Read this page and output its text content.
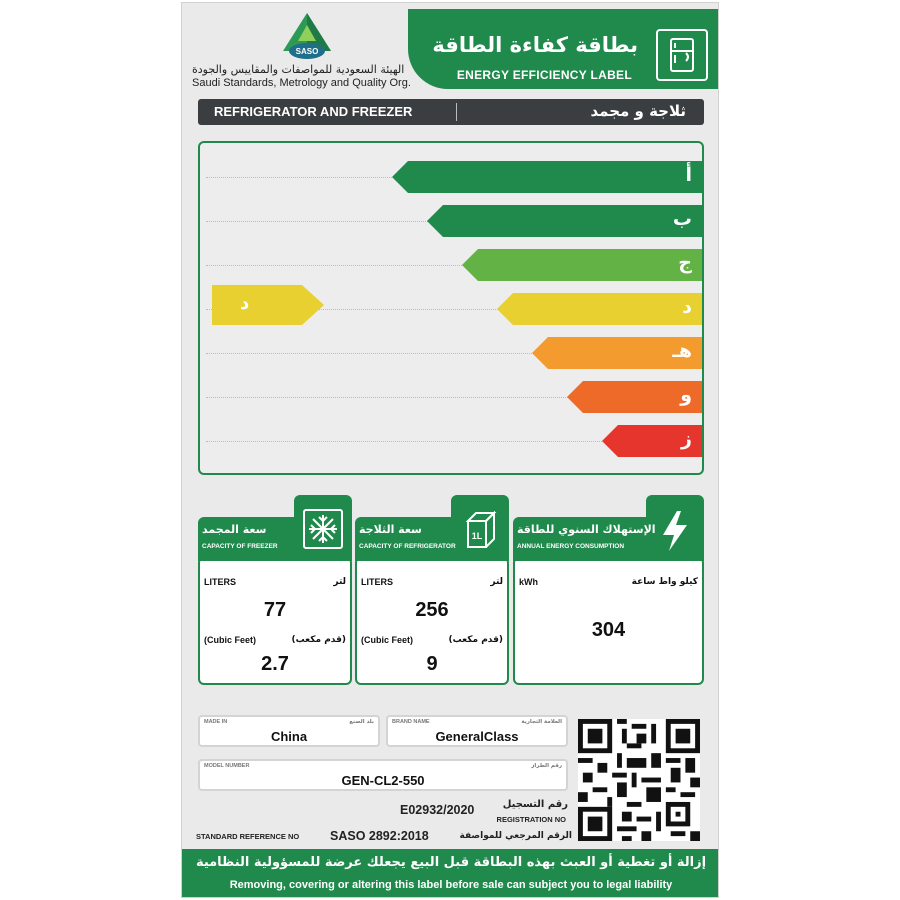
SASO
الهيئة السعودية للمواصفات والمقاييس والجودة
Saudi Standards, Metrology and Quality Org.
بطاقة كفاءة الطاقة
ENERGY EFFICIENCY LABEL
REFRIGERATOR AND FREEZER	ثلاجة و مجمد
أ
ب
ج
د
هـ
و
ز
د
سعة المجمد
CAPACITY OF FREEZER
LITERS	لتر
77
(Cubic Feet)	(قدم مكعب)
2.7
1L
سعة الثلاجة
CAPACITY OF REFRIGERATOR
LITERS	لتر
256
(Cubic Feet)	(قدم مكعب)
9
الإستهلاك السنوي للطاقة
ANNUAL ENERGY CONSUMPTION
kWh	كيلو واط ساعة
304
MADE IN	بلد الصنع
China
BRAND NAME	العلامة التجارية
GeneralClass
MODEL NUMBER	رقم الطراز
GEN-CL2-550
E02932/2020	رقم التسجيل
REGISTRATION NO
STANDARD REFERENCE NO SASO 2892:2018	الرقم المرجعي للمواصفة
إزالة أو تغطية أو العبث بهذه البطاقة قبل البيع يجعلك عرضة للمسؤولية النظامية
Removing, covering or altering this label before sale can subject you to legal liability
